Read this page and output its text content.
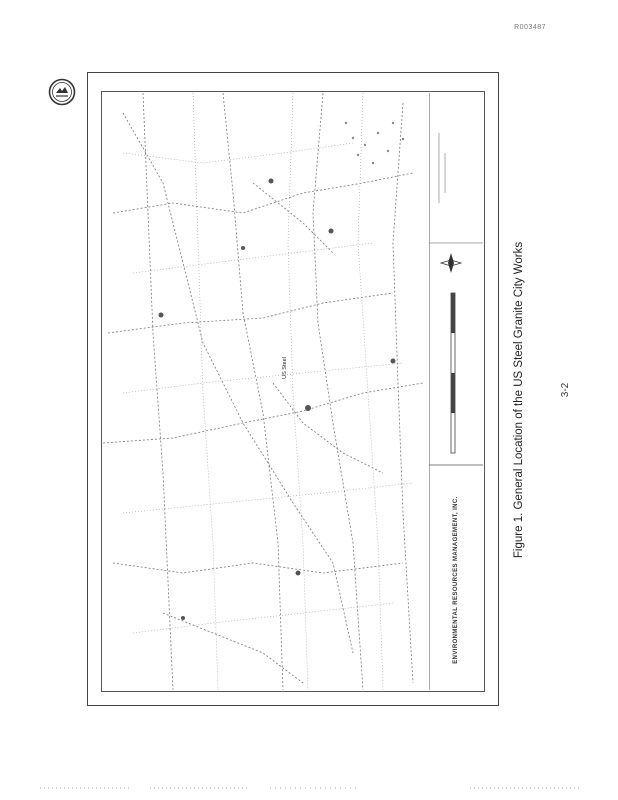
R003487
US Steel
ENVIRONMENTAL RESOURCES MANAGEMENT, INC.
Figure 1. General Location of the US Steel Granite City Works	3-2
